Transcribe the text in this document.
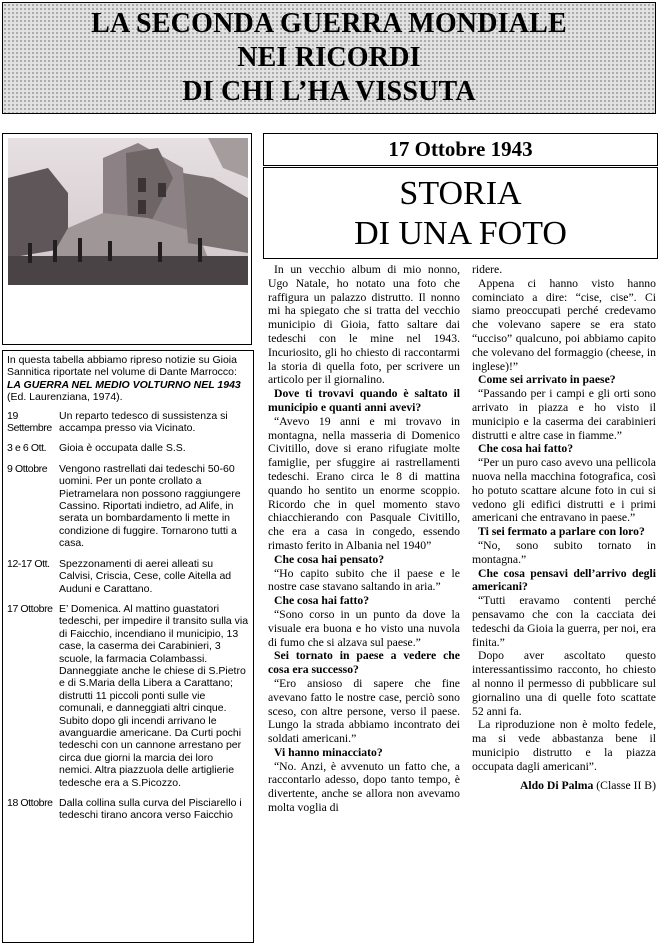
LA SECONDA GUERRA MONDIALE
NEI RICORDI
DI CHI L’HA VISSUTA
17 Ottobre 1943
STORIA
DI UNA FOTO
In questa tabella abbiamo ripreso notizie su Gioia Sannitica riportate nel volume di Dante Marrocco: LA GUERRA NEL MEDIO VOLTURNO NEL 1943 (Ed. Laurenziana, 1974).
19 Settembre
Un reparto tedesco di sussistenza si accampa presso via Vicinato.
3 e 6 Ott.	Gioia è occupata dalle S.S.
9 Ottobre	Vengono rastrellati dai tedeschi 50-60 uomini. Per un ponte crollato a Pietramelara non possono raggiungere Cassino. Riportati indietro, ad Alife, in serata un bombardamento li mette in condizione di fuggire. Tornarono tutti a casa.
12-17 Ott. Spezzonamenti di aerei alleati su Calvisi, Criscia, Cese, colle Aitella ad Auduni e Carattano.
17 Ottobre E’ Domenica. Al mattino guastatori tedeschi, per impedire il transito sulla via di Faicchio, incendiano il municipio, 13 case, la caserma dei Carabinieri, 3 scuole, la farmacia Colambassi. Danneggiate anche le chiese di S.Pietro e di S.Maria della Libera a Carattano; distrutti 11 piccoli ponti sulle vie comunali, e danneggiati altri cinque. Subito dopo gli incendi arrivano le avanguardie americane. Da Curti pochi tedeschi con un cannone arrestano per circa due giorni la marcia dei loro nemici. Altra piazzuola delle artiglierie tedesche era a S.Picozzo.
18 Ottobre Dalla collina sulla curva del Pisciarello i tedeschi tirano ancora verso Faicchio

In un vecchio album di mio nonno, Ugo Natale, ho notato una foto che raffigura un palazzo distrutto. Il nonno mi ha spiegato che si tratta del vecchio municipio di Gioia, fatto saltare dai tedeschi con le mine nel 1943. Incuriosito, gli ho chiesto di raccontarmi la storia di quella foto, per scrivere un articolo per il giornalino.

Dove ti trovavi quando è saltato il municipio e quanti anni avevi?

“Avevo 19 anni e mi trovavo in montagna, nella masseria di Domenico Civitillo, dove si erano rifugiate molte famiglie, per sfuggire ai rastrellamenti tedeschi. Erano circa le 8 di mattina quando ho sentito un enorme scoppio. Ricordo che in quel momento stavo chiacchierando con Pasquale Civitillo, che era a casa in congedo, essendo rimasto ferito in Albania nel 1940”

Che cosa hai pensato?

“Ho capito subito che il paese e le nostre case stavano saltando in aria.”

Che cosa hai fatto?

“Sono corso in un punto da dove la visuale era buona e ho visto una nuvola di fumo che si alzava sul paese.”

Sei tornato in paese a vedere che cosa era successo?

“Ero ansioso di sapere che fine avevano fatto le nostre case, perciò sono sceso, con altre persone, verso il paese. Lungo la strada abbiamo incontrato dei soldati americani.”

Vi hanno minacciato?

“No. Anzi, è avvenuto un fatto che, a raccontarlo adesso, dopo tanto tempo, è divertente, anche se allora non avevamo molta voglia di

ridere.

Appena ci hanno visto hanno cominciato a dire: “cise, cise”. Ci siamo preoccupati perché credevamo che volevano sapere se era stato “ucciso” qualcuno, poi abbiamo capito che volevano del formaggio (cheese, in inglese)!”

Come sei arrivato in paese?

“Passando per i campi e gli orti sono arrivato in piazza e ho visto il municipio e la caserma dei carabinieri distrutti e altre case in fiamme.”

Che cosa hai fatto?

“Per un puro caso avevo una pellicola nuova nella macchina fotografica, così ho potuto scattare alcune foto in cui si vedono gli edifici distrutti e i primi americani che entravano in paese.”

Ti sei fermato a parlare con loro?

“No, sono subito tornato in montagna.”

Che cosa pensavi dell’arrivo degli americani?

“Tutti eravamo contenti perché pensavamo che con la cacciata dei tedeschi da Gioia la guerra, per noi, era finita.”

Dopo aver ascoltato questo interessantissimo racconto, ho chiesto al nonno il permesso di pubblicare sul giornalino una di quelle foto scattate 52 anni fa.

La riproduzione non è molto fedele, ma si vede abbastanza bene il municipio distrutto e la piazza occupata dagli americani”.

Aldo Di Palma (Classe II B)
